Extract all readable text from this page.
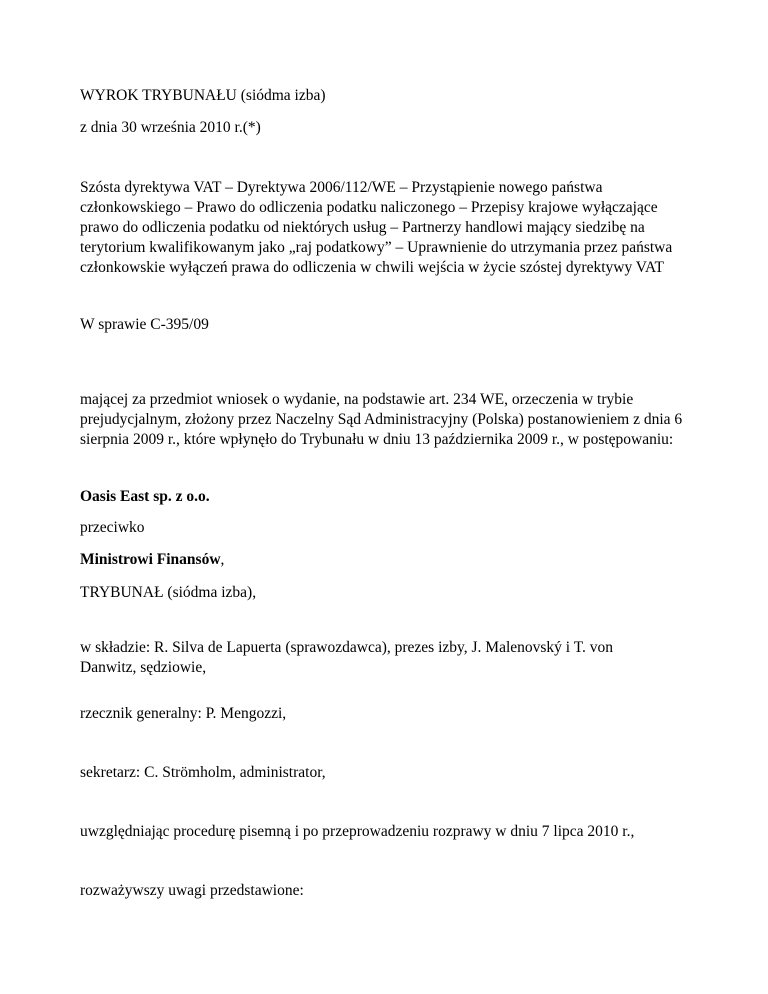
WYROK TRYBUNAŁU (siódma izba)

z dnia 30 września 2010 r.(*)

Szósta dyrektywa VAT – Dyrektywa 2006/112/WE – Przystąpienie nowego państwa członkowskiego – Prawo do odliczenia podatku naliczonego – Przepisy krajowe wyłączające prawo do odliczenia podatku od niektórych usług – Partnerzy handlowi mający siedzibę na terytorium kwalifikowanym jako „raj podatkowy” – Uprawnienie do utrzymania przez państwa członkowskie wyłączeń prawa do odliczenia w chwili wejścia w życie szóstej dyrektywy VAT

W sprawie C‑395/09

mającej za przedmiot wniosek o wydanie, na podstawie art. 234 WE, orzeczenia w trybie prejudycjalnym, złożony przez Naczelny Sąd Administracyjny (Polska) postanowieniem z dnia 6 sierpnia 2009 r., które wpłynęło do Trybunału w dniu 13 października 2009 r., w postępowaniu:

Oasis East sp. z o.o.

przeciwko

Ministrowi Finansów,

TRYBUNAŁ (siódma izba),

w składzie: R. Silva de Lapuerta (sprawozdawca), prezes izby, J. Malenovský i T. von Danwitz, sędziowie,

rzecznik generalny: P. Mengozzi,

sekretarz: C. Strömholm, administrator,

uwzględniając procedurę pisemną i po przeprowadzeniu rozprawy w dniu 7 lipca 2010 r.,

rozważywszy uwagi przedstawione:
